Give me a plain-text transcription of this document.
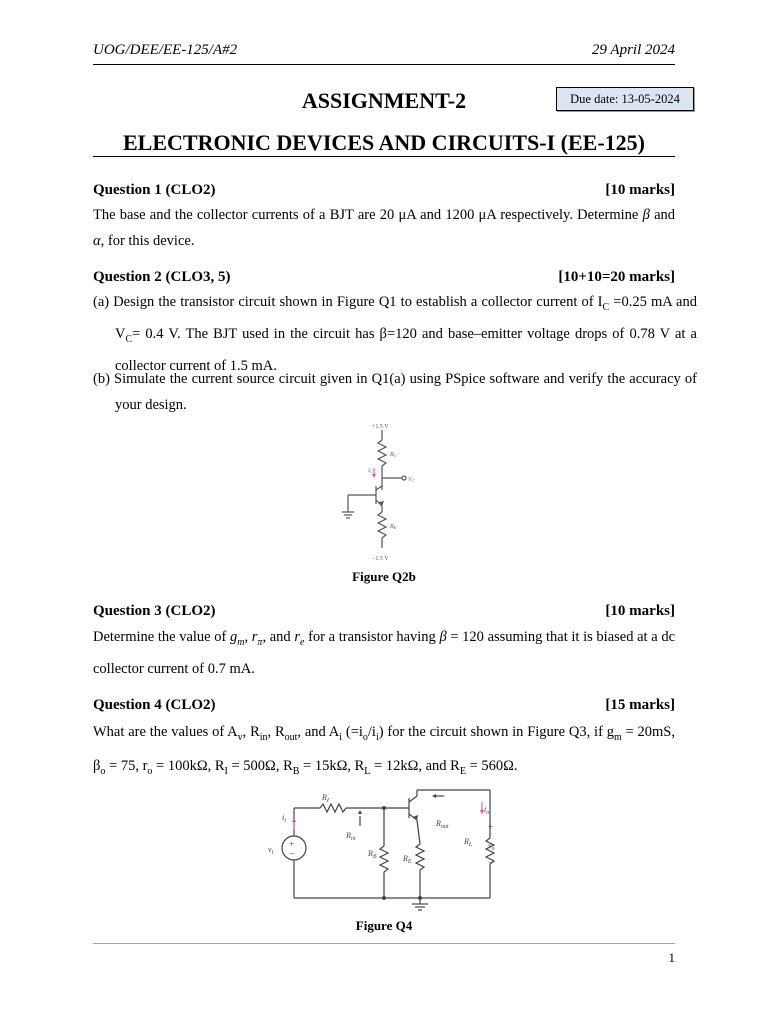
UOG/DEE/EE-125/A#2	29 April 2024
ASSIGNMENT-2	Due date: 13-05-2024
ELECTRONIC DEVICES AND CIRCUITS-I (EE-125)
Question 1 (CLO2)	[10 marks]
The base and the collector currents of a BJT are 20 μA and 1200 μA respectively. Determine β and α, for this device.
Question 2 (CLO3, 5)	[10+10=20 marks]
(a) Design the transistor circuit shown in Figure Q1 to establish a collector current of $I_C =0.25$ mA and $V_C= 0.4$ V. The BJT used in the circuit has β=120 and base–emitter voltage drops of 0.78 V at a collector current of 1.5 mA.
(b) Simulate the current source circuit given in Q1(a) using PSpice software and verify the accuracy of your design.
+1.5 V
RC
IC
VC
RE
−1.5 V
Figure Q2b
Question 3 (CLO2)	[10 marks]
Determine the value of $g_m$, $r_\pi$, and $r_e$ for a transistor having β = 120 assuming that it is biased at a dc collector current of 0.7 mA.
Question 4 (CLO2)	[15 marks]
What are the values of $A_v$, $R_{in}$, $R_{out}$, and $A_i$ $(=i_o/i_i)$ for the circuit shown in Figure Q3, if $g_m = 20mS$, $\beta_o = 75$, $r_o = 100k\Omega$, $R_I = 500\Omega$, $R_B = 15k\Omega$, $R_L = 12k\Omega$, and $R_E = 560\Omega$.
+
−
$R_I$
$i_i$
$v_i$
$R_{in}$
$R_B$	$R_E$
$R_{out}$
$R_L$
$i_o$
+
$v_o$
−
Figure Q4
1
